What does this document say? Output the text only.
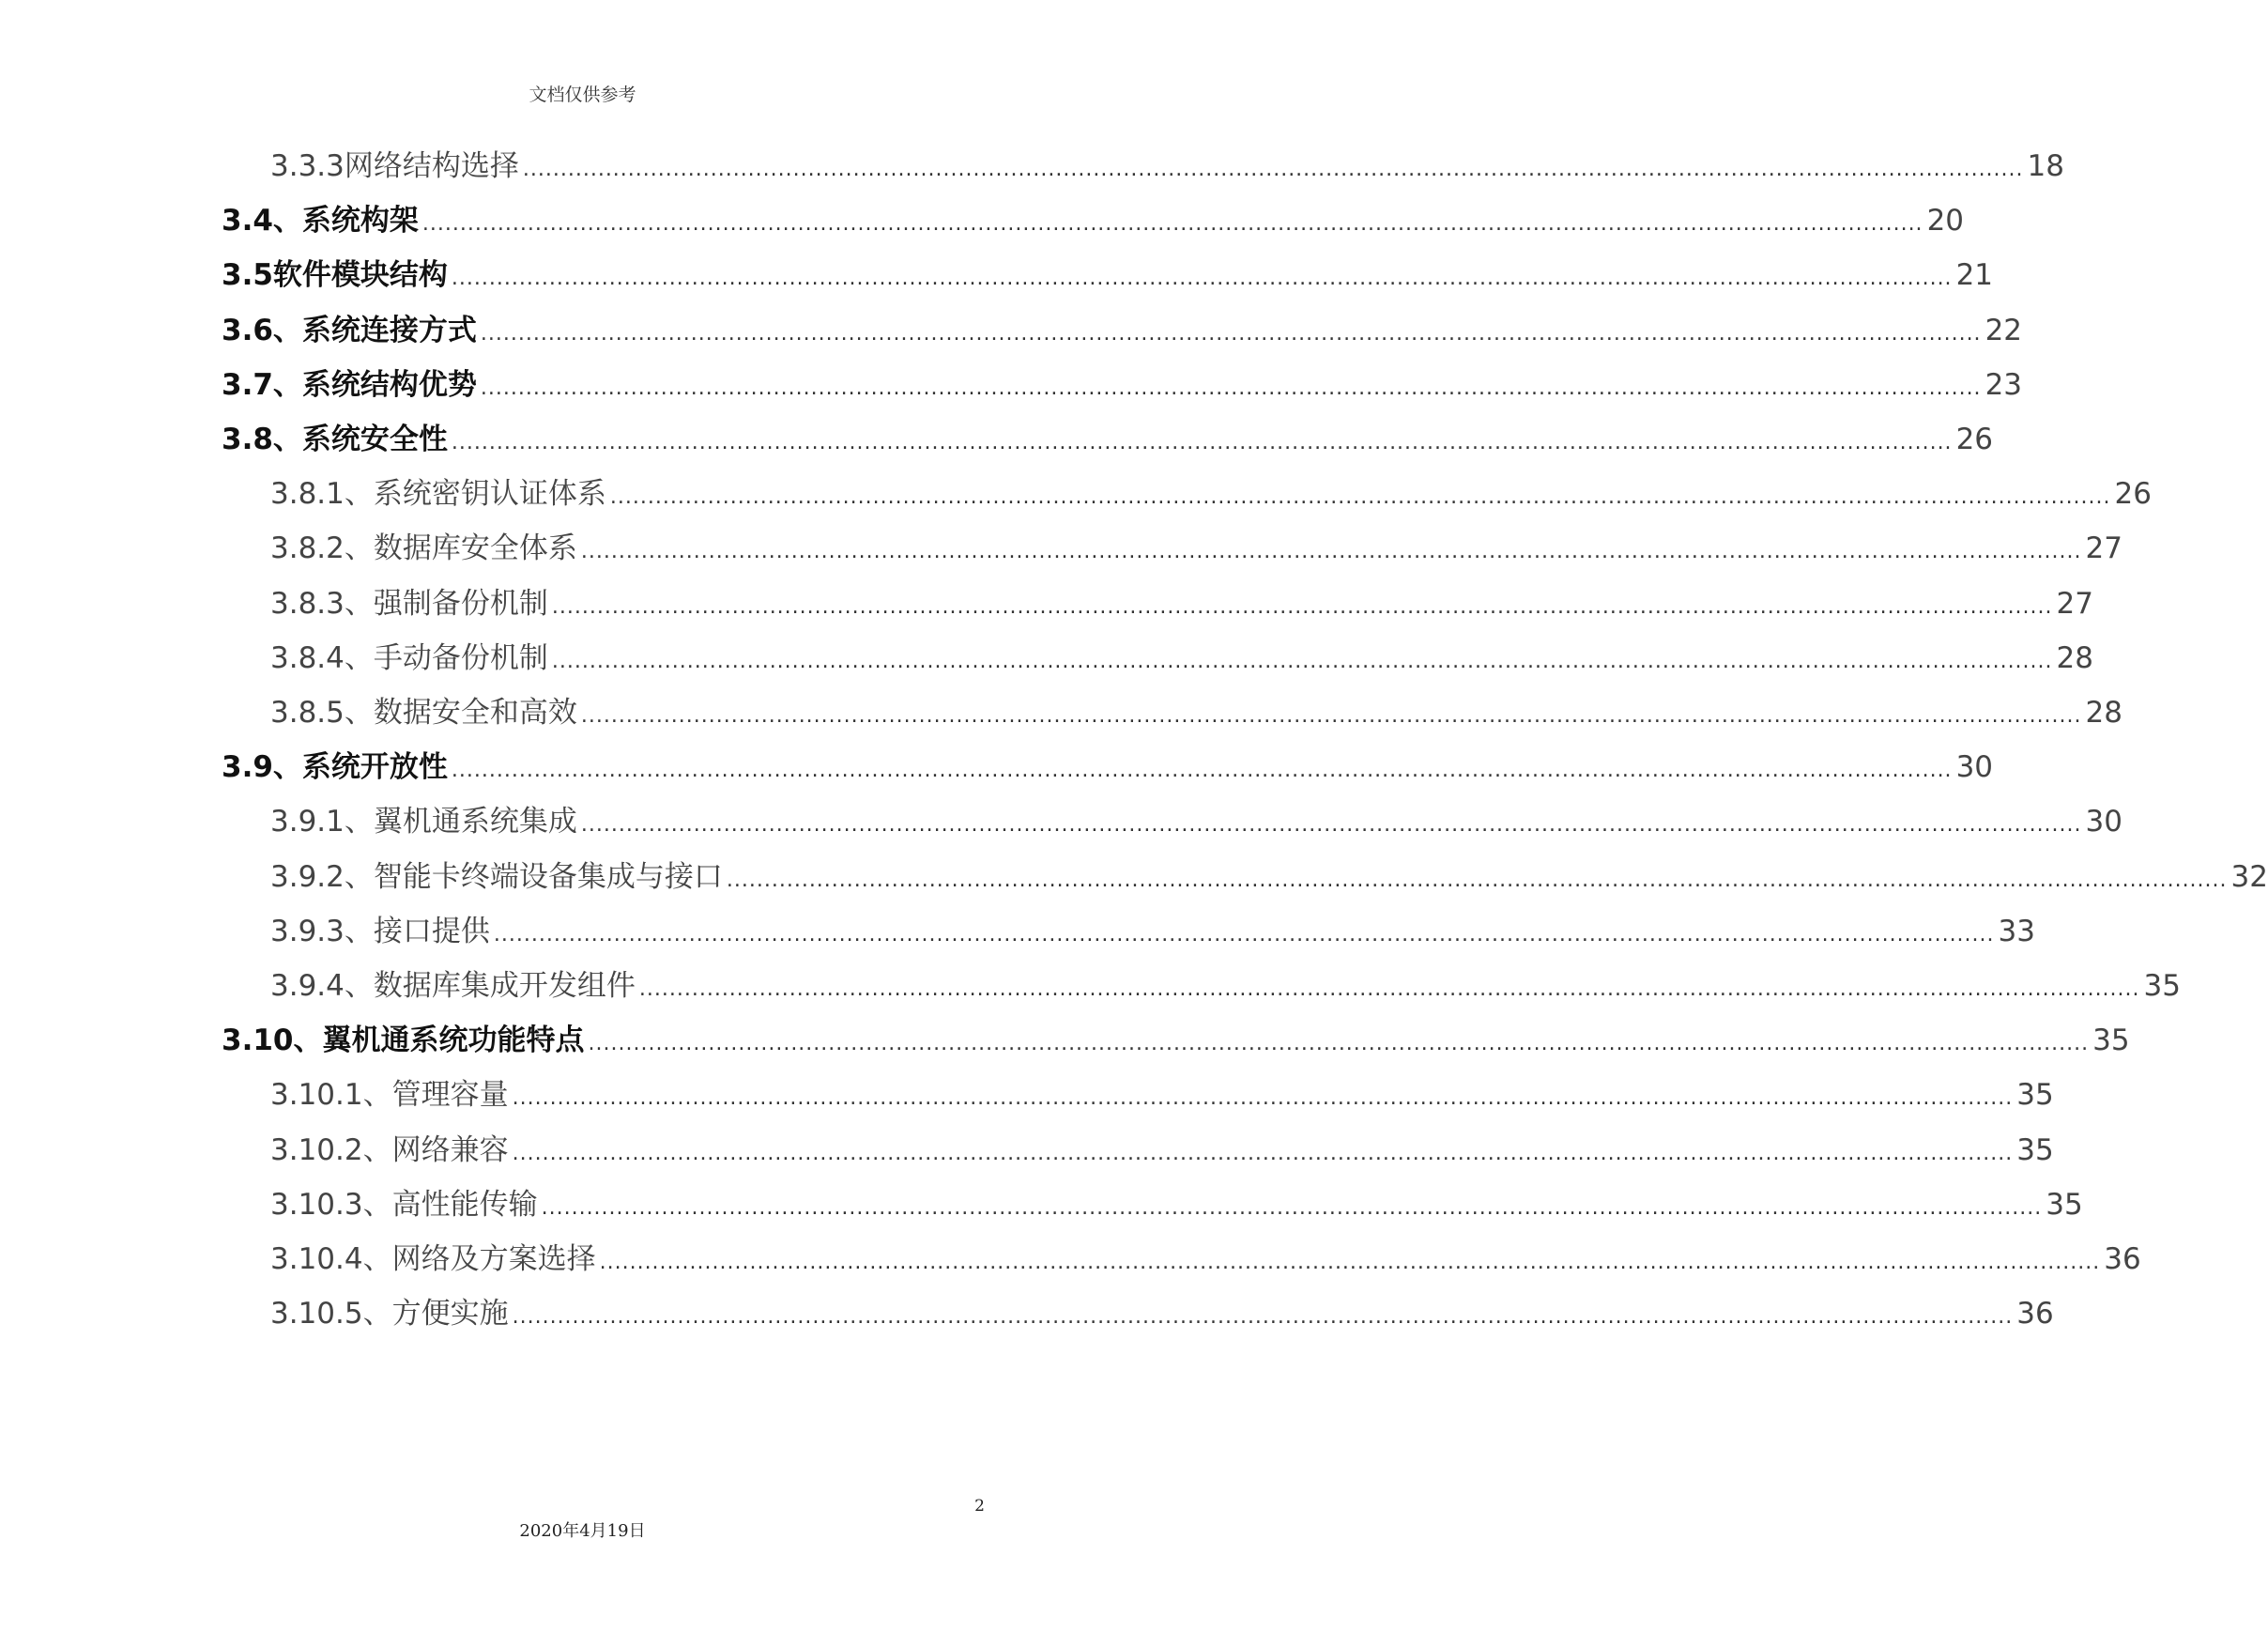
文档仅供参考
3.3.3 网络结构选择 ........................................................................................................................................................................................................ 18
3.4、 系统构架 ........................................................................................................................................................................................................ 20
3.5 软件模块结构 ........................................................................................................................................................................................................ 21
3.6、 系统连接方式 ........................................................................................................................................................................................................ 22
3.7、 系统结构优势 ........................................................................................................................................................................................................ 23
3.8、 系统安全性 ........................................................................................................................................................................................................ 26
3.8.1、 系统密钥认证体系 ........................................................................................................................................................................................................ 26
3.8.2、 数据库安全体系 ........................................................................................................................................................................................................ 27
3.8.3、 强制备份机制 ........................................................................................................................................................................................................ 27
3.8.4、 手动备份机制 ........................................................................................................................................................................................................ 28
3.8.5、 数据安全和高效 ........................................................................................................................................................................................................ 28
3.9、 系统开放性 ........................................................................................................................................................................................................ 30
3.9.1、 翼机通系统集成 ........................................................................................................................................................................................................ 30
3.9.2、 智能卡终端设备集成与接口 ........................................................................................................................................................................................................ 32
3.9.3、 接口提供 ........................................................................................................................................................................................................ 33
3.9.4、 数据库集成开发组件 ........................................................................................................................................................................................................ 35
3.10、 翼机通系统功能特点 ........................................................................................................................................................................................................ 35
3.10.1、 管理容量 ........................................................................................................................................................................................................ 35
3.10.2、 网络兼容 ........................................................................................................................................................................................................ 35
3.10.3、 高性能传输 ........................................................................................................................................................................................................ 35
3.10.4、 网络及方案选择 ........................................................................................................................................................................................................ 36
3.10.5、 方便实施 ........................................................................................................................................................................................................ 36
2
2020年4月19日
